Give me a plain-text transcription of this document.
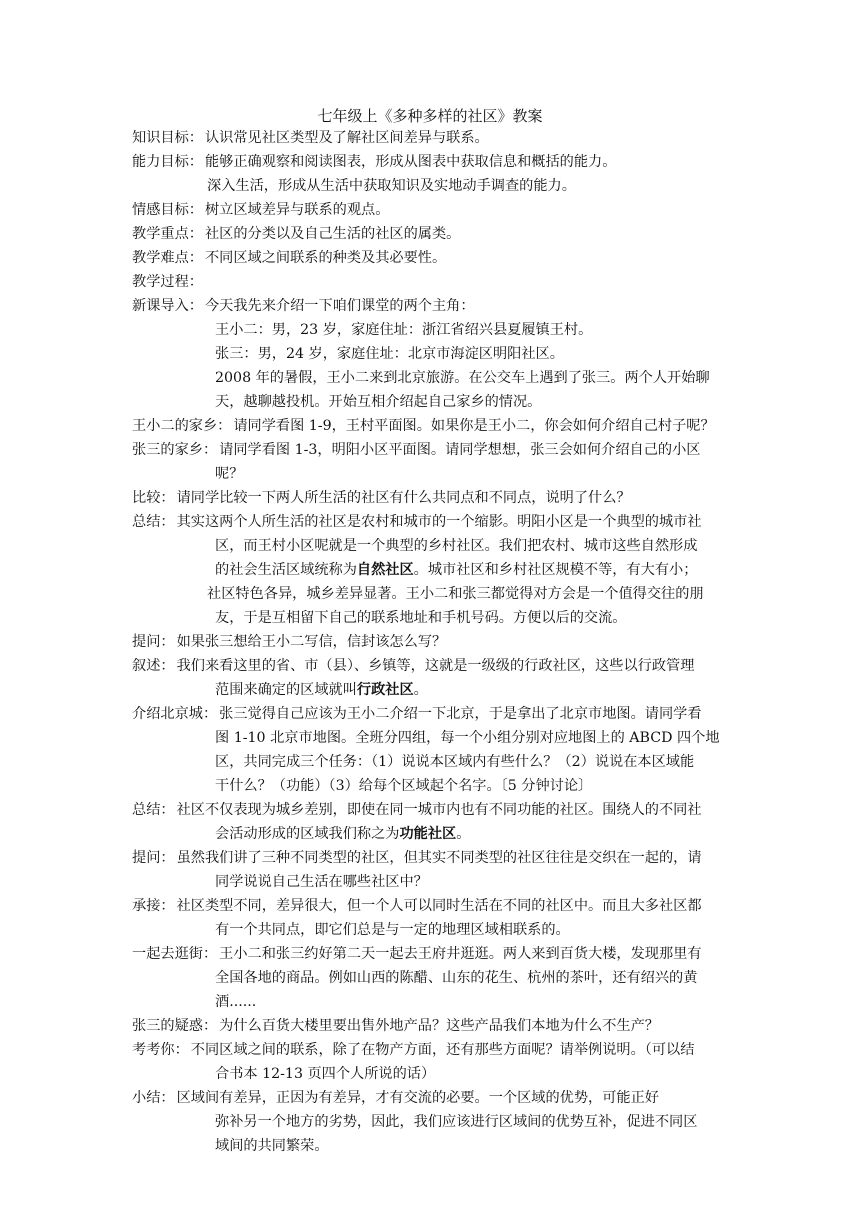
七年级上《多种多样的社区》教案
知识目标： 认识常见社区类型及了解社区间差异与联系。
能力目标： 能够正确观察和阅读图表，形成从图表中获取信息和概括的能力。
深入生活，形成从生活中获取知识及实地动手调查的能力。
情感目标： 树立区域差异与联系的观点。
教学重点： 社区的分类以及自己生活的社区的属类。
教学难点： 不同区域之间联系的种类及其必要性。
教学过程：
新课导入： 今天我先来介绍一下咱们课堂的两个主角：
王小二：男，23 岁，家庭住址：浙江省绍兴县夏履镇王村。
张三：男，24 岁，家庭住址：北京市海淀区明阳社区。
2008 年的暑假，王小二来到北京旅游。在公交车上遇到了张三。两个人开始聊
天，越聊越投机。开始互相介绍起自己家乡的情况。
王小二的家乡： 请同学看图 1-9，王村平面图。如果你是王小二，你会如何介绍自己村子呢？
张三的家乡： 请同学看图 1-3，明阳小区平面图。请同学想想，张三会如何介绍自己的小区
呢？
比较： 请同学比较一下两人所生活的社区有什么共同点和不同点，说明了什么？
总结： 其实这两个人所生活的社区是农村和城市的一个缩影。明阳小区是一个典型的城市社
区，而王村小区呢就是一个典型的乡村社区。我们把农村、城市这些自然形成
的社会生活区域统称为自然社区。城市社区和乡村社区规模不等，有大有小；
社区特色各异，城乡差异显著。王小二和张三都觉得对方会是一个值得交往的朋
友，于是互相留下自己的联系地址和手机号码。方便以后的交流。
提问： 如果张三想给王小二写信，信封该怎么写？
叙述： 我们来看这里的省、市（县）、乡镇等，这就是一级级的行政社区，这些以行政管理
范围来确定的区域就叫行政社区。
介绍北京城： 张三觉得自己应该为王小二介绍一下北京，于是拿出了北京市地图。请同学看
图 1-10 北京市地图。全班分四组，每一个小组分别对应地图上的 ABCD 四个地
区，共同完成三个任务：（1）说说本区域内有些什么？（2）说说在本区域能
干什么？（功能）（3）给每个区域起个名字。〔5 分钟讨论〕
总结： 社区不仅表现为城乡差别，即使在同一城市内也有不同功能的社区。围绕人的不同社
会活动形成的区域我们称之为功能社区。
提问： 虽然我们讲了三种不同类型的社区，但其实不同类型的社区往往是交织在一起的，请
同学说说自己生活在哪些社区中？
承接： 社区类型不同，差异很大，但一个人可以同时生活在不同的社区中。而且大多社区都
有一个共同点，即它们总是与一定的地理区域相联系的。
一起去逛街： 王小二和张三约好第二天一起去王府井逛逛。两人来到百货大楼，发现那里有
全国各地的商品。例如山西的陈醋、山东的花生、杭州的茶叶，还有绍兴的黄
酒......
张三的疑惑： 为什么百货大楼里要出售外地产品？这些产品我们本地为什么不生产？
考考你： 不同区域之间的联系，除了在物产方面，还有那些方面呢？请举例说明。（可以结
合书本 12-13 页四个人所说的话）
小结： 区域间有差异，正因为有差异，才有交流的必要。一个区域的优势，可能正好
弥补另一个地方的劣势，因此，我们应该进行区域间的优势互补，促进不同区
域间的共同繁荣。
